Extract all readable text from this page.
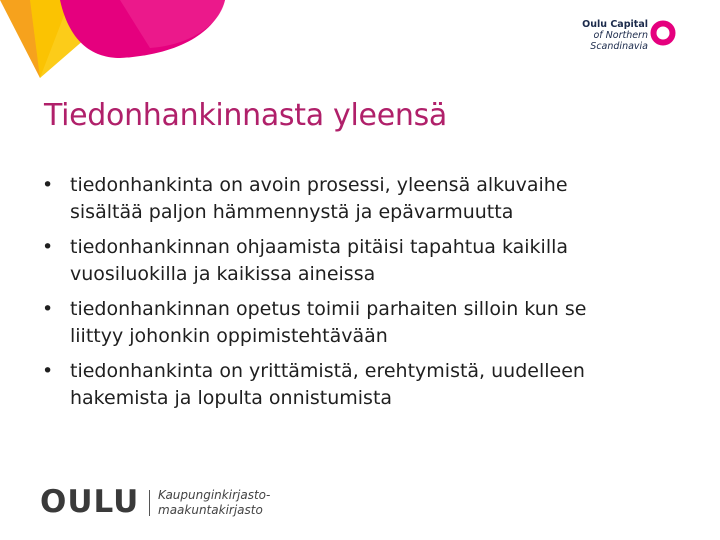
Oulu Capital
of Northern
Scandinavia
Tiedonhankinnasta yleensä
• tiedonhankinta on avoin prosessi, yleensä alkuvaihe
sisältää paljon hämmennystä ja epävarmuutta
• tiedonhankinnan ohjaamista pitäisi tapahtua kaikilla
vuosiluokilla ja kaikissa aineissa
• tiedonhankinnan opetus toimii parhaiten silloin kun se
liittyy johonkin oppimistehtävään
• tiedonhankinta on yrittämistä, erehtymistä, uudelleen
hakemista ja lopulta onnistumista
OULU Kaupunginkirjasto-
maakuntakirjasto
